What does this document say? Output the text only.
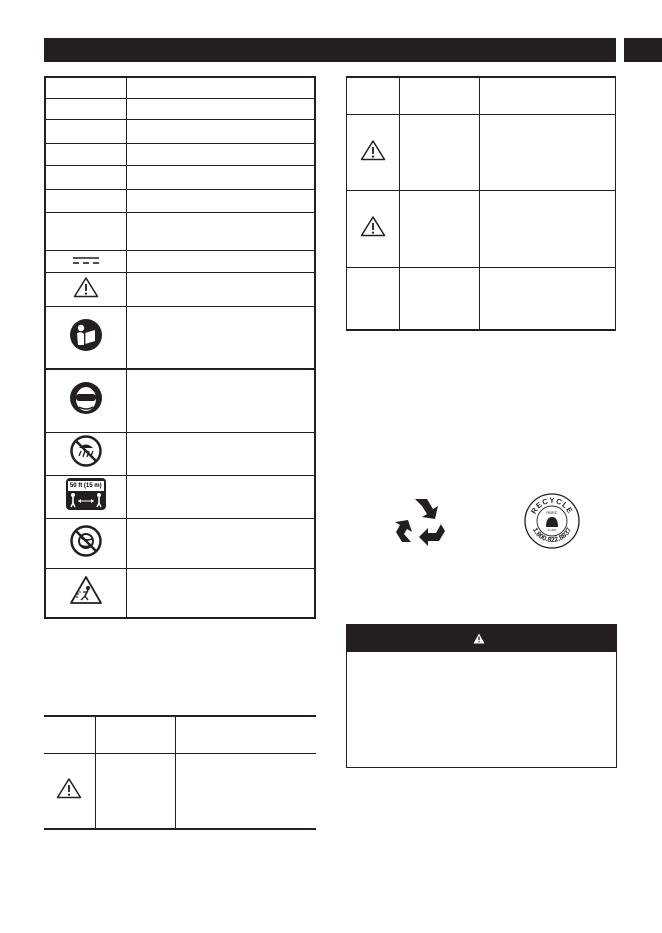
50 ft (15 m)	

RECYCLE
1.800.822.8837
RBRC
Li-ion
